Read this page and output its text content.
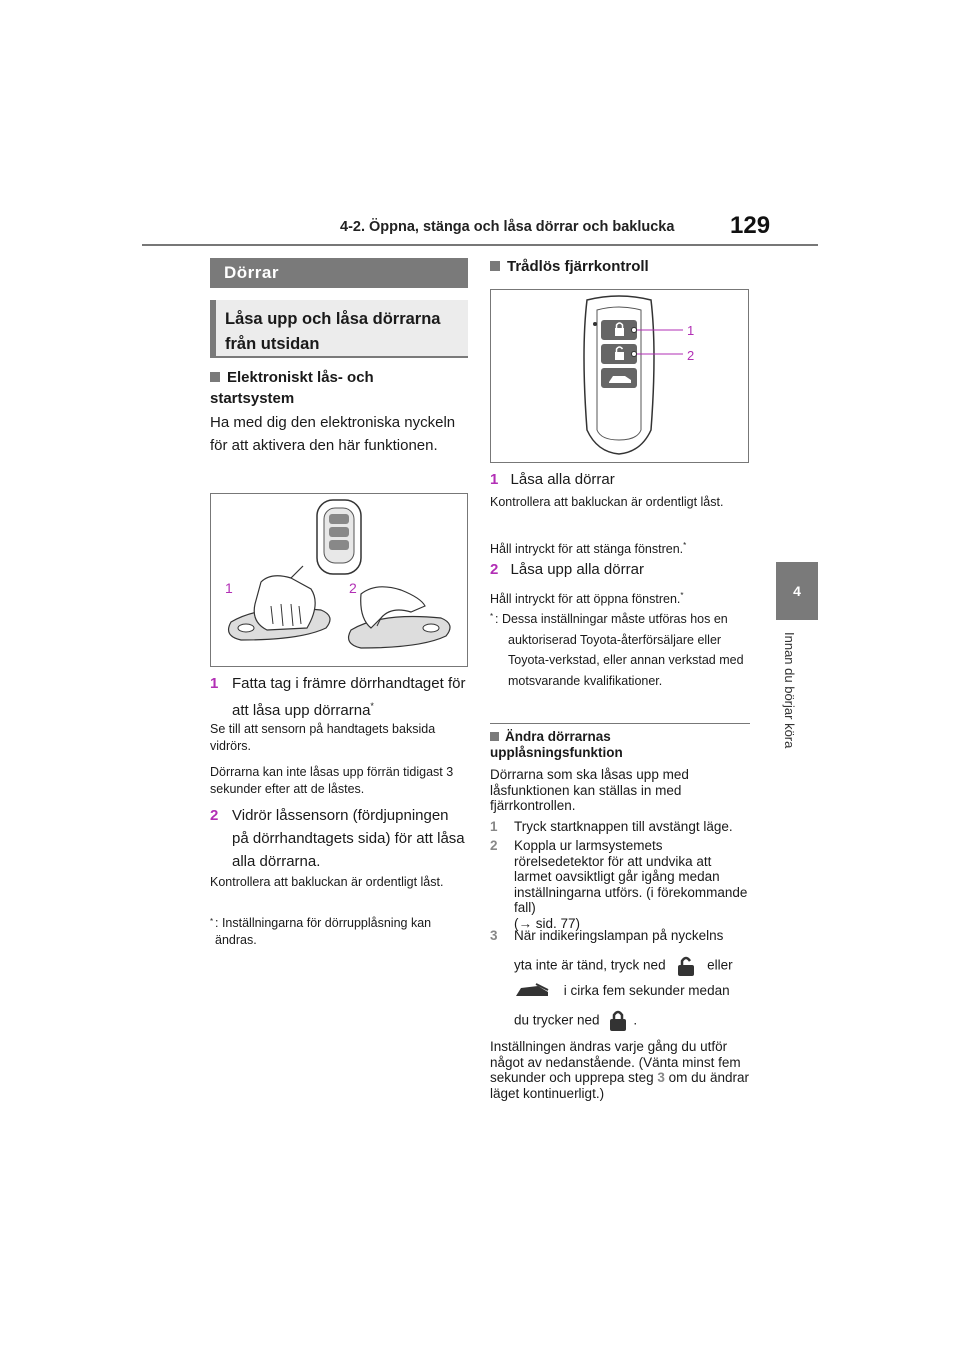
4-2. Öppna, stänga och låsa dörrar och baklucka 129
4
Innan du börjar köra
Dörrar
Låsa upp och låsa dörrarna från utsidan
Elektroniskt lås- och startsystem
Ha med dig den elektroniska nyckeln för att aktivera den här funktionen.
1	2
1 Fatta tag i främre dörrhandtaget för att låsa upp dörrarna*
Se till att sensorn på handtagets baksida vidrörs.
Dörrarna kan inte låsas upp förrän tidigast 3 sekunder efter att de låstes.
2 Vidrör låssensorn (fördjupningen på dörrhandtagets sida) för att låsa alla dörrarna.
Kontrollera att bakluckan är ordentligt låst.
* : Inställningarna för dörrupplåsning kan ändras.
Trådlös fjärrkontroll
1
2
1 Låsa alla dörrar
Kontrollera att bakluckan är ordentligt låst.
Håll intryckt för att stänga fönstren.*
2 Låsa upp alla dörrar
Håll intryckt för att öppna fönstren.*
* : Dessa inställningar måste utföras hos en auktoriserad Toyota-återförsäljare eller Toyota-verkstad, eller annan verkstad med motsvarande kvalifikationer.
Ändra dörrarnas upplåsningsfunktion
Dörrarna som ska låsas upp med låsfunktionen kan ställas in med fjärrkontrollen.
1	Tryck startknappen till avstängt läge.
2	Koppla ur larmsystemets rörelsedetektor för att undvika att larmet oavsiktligt går igång medan inställningarna utförs. (i förekommande fall)
(→ sid. 77)
3	När indikeringslampan på nyckelns
yta inte är tänd, tryck ned	eller
i cirka fem sekunder medan
du trycker ned	.
Inställningen ändras varje gång du utför något av nedanstående. (Vänta minst fem sekunder och upprepa steg 3 om du ändrar läget kontinuerligt.)
